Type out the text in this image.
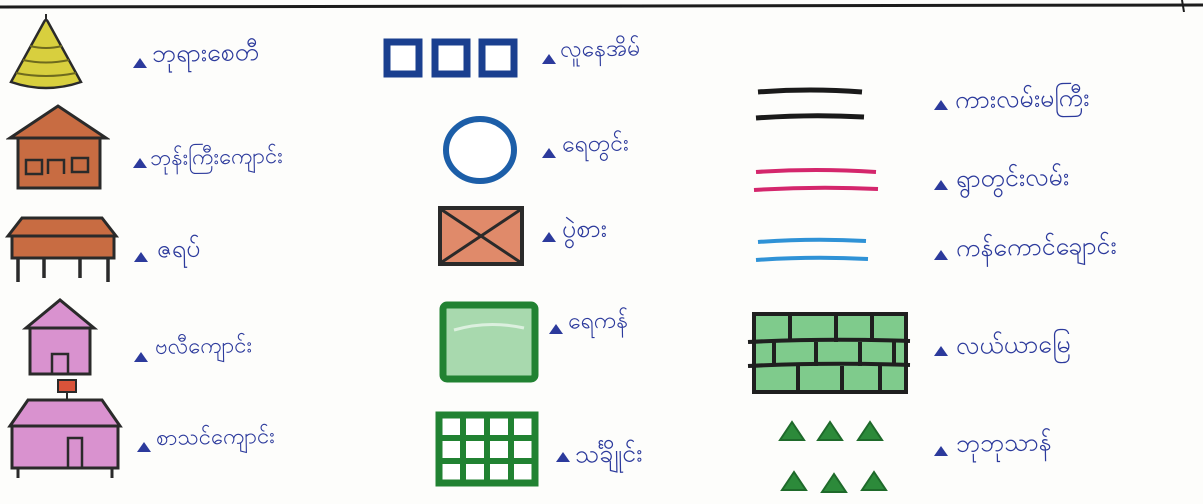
ဘုရားစေတီ
ဘုန်းကြီးကျောင်း
ဇရပ်
ဗလီကျောင်း
စာသင်ကျောင်း
လူနေအိမ်
ရေတွင်း
ပွဲစား
ရေကန်
သင်္ချိုင်း
ကားလမ်းမကြီး
ရွာတွင်းလမ်း
ကန်ကောင်ချောင်း
လယ်ယာမြေ
ဘုဘုသာန်
